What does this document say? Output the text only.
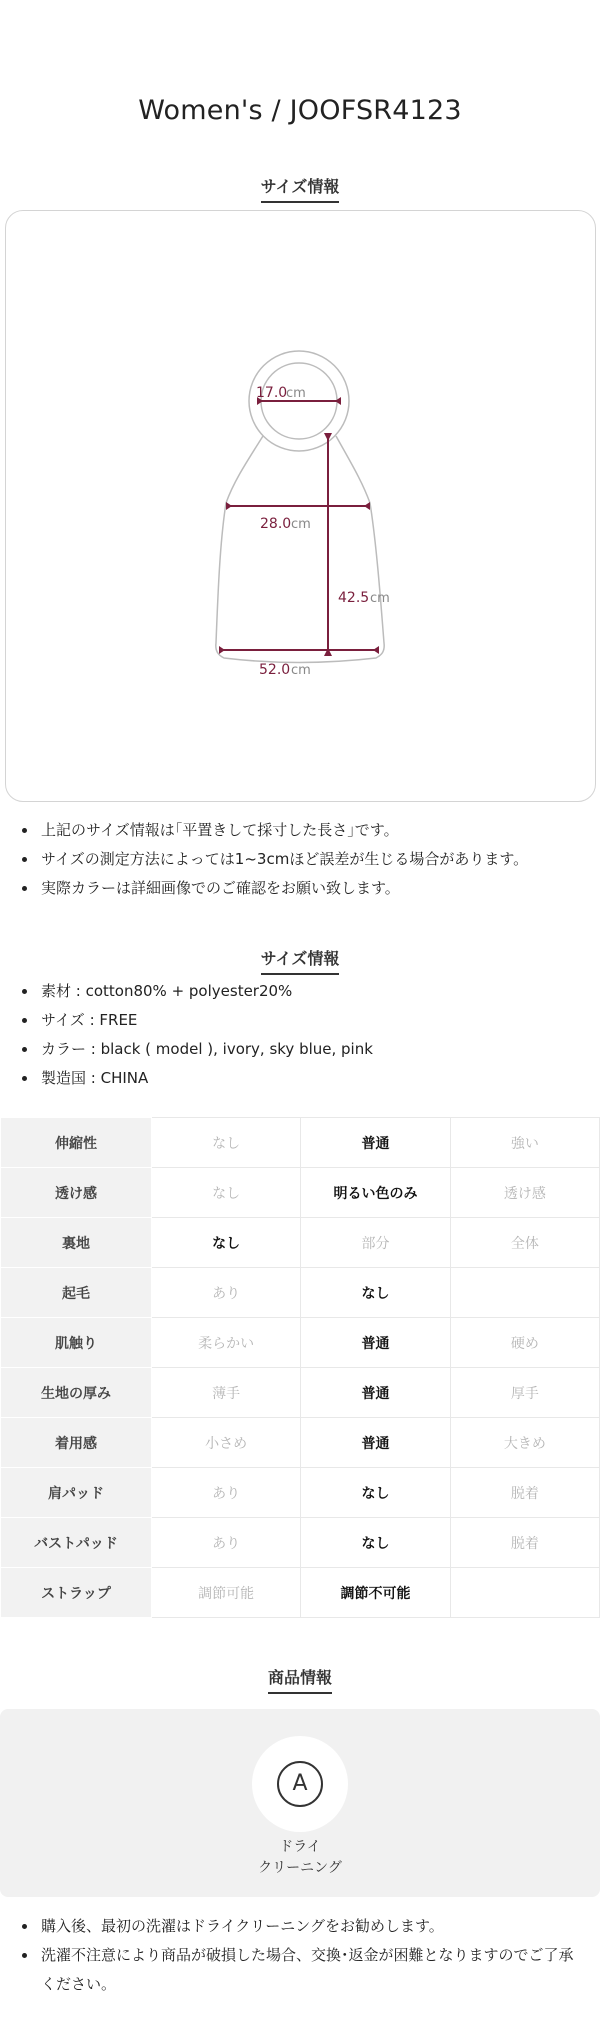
Women's / JOOFSR4123
サイズ情報
17.0
cm
28.0 cm
42.5 cm
52.0 cm
上記のサイズ情報は｢平置きして採寸した長さ｣です。
サイズの測定方法によっては1~3cmほど誤差が生じる場合があります。
実際カラーは詳細画像でのご確認をお願い致します。
サイズ情報
素材 : cotton80% + polyester20%
サイズ : FREE
カラー : black ( model ), ivory, sky blue, pink
製造国 : CHINA
伸縮性	なし	普通	強い
透け感	なし	明るい色のみ	透け感
裏地	なし	部分	全体
起毛	あり	なし	
肌触り	柔らかい	普通	硬め
生地の厚み	薄手	普通	厚手
着用感	小さめ	普通	大きめ
肩パッド	あり	なし	脱着
バストパッド	あり	なし	脱着
ストラップ	調節可能	調節不可能	
商品情報
A
ドライ
クリーニング
購入後、最初の洗濯はドライクリーニングをお勧めします。
洗濯不注意により商品が破損した場合、交換･返金が困難となりますのでご了承ください。
